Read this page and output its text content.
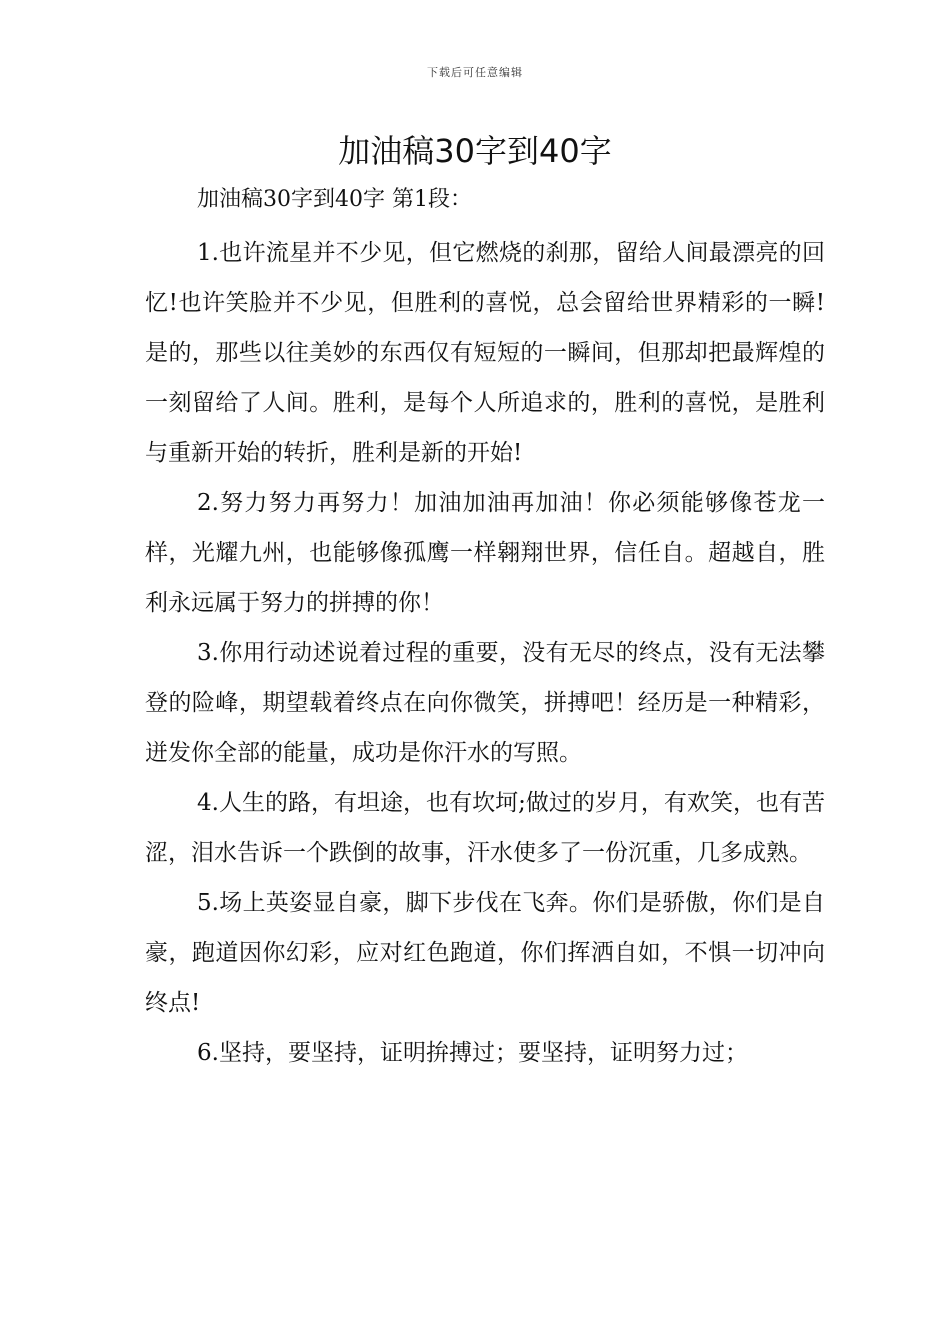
下载后可任意编辑
加油稿30字到40字

加油稿30字到40字 第1段：

1.也许流星并不少见，但它燃烧的刹那，留给人间最漂亮的回忆!也许笑脸并不少见，但胜利的喜悦，总会留给世界精彩的一瞬!是的，那些以往美妙的东西仅有短短的一瞬间，但那却把最辉煌的一刻留给了人间。胜利，是每个人所追求的，胜利的喜悦，是胜利与重新开始的转折，胜利是新的开始!

2.努力努力再努力！加油加油再加油！你必须能够像苍龙一样，光耀九州，也能够像孤鹰一样翱翔世界，信任自。超越自，胜利永远属于努力的拼搏的你！

3.你用行动述说着过程的重要，没有无尽的终点，没有无法攀登的险峰，期望载着终点在向你微笑，拼搏吧！经历是一种精彩，迸发你全部的能量，成功是你汗水的写照。

4.人生的路，有坦途，也有坎坷;做过的岁月，有欢笑，也有苦涩，泪水告诉一个跌倒的故事，汗水使多了一份沉重，几多成熟。

5.场上英姿显自豪，脚下步伐在飞奔。你们是骄傲，你们是自豪，跑道因你幻彩，应对红色跑道，你们挥洒自如，不惧一切冲向终点!

6.坚持，要坚持，证明拚搏过；要坚持，证明努力过；
